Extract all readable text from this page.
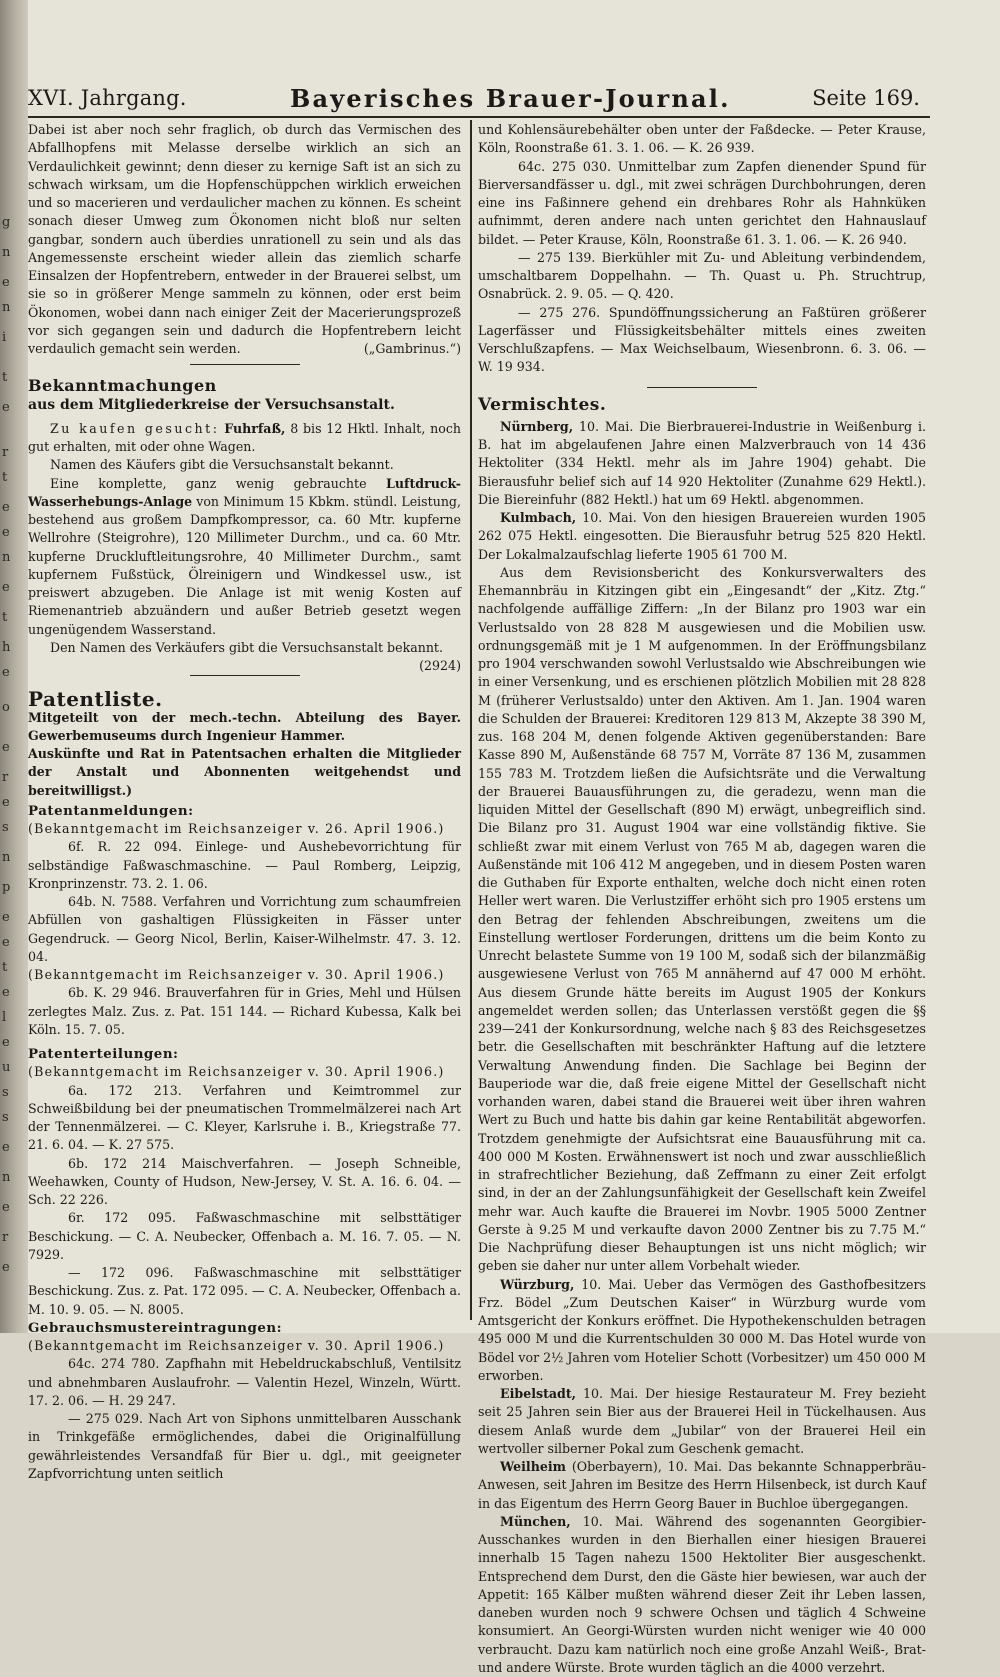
g
n
e
n
i
t
e
r
t
e
e
n
e
t
h
e
o
e
r
e
s
n
p
e
e
t
e
l
e
u
s
s
e
n
e
r
e
XVI. Jahrgang.	Bayerisches Brauer-Journal.	Seite 169.

Dabei ist aber noch sehr fraglich, ob durch das Vermischen des Abfallhopfens mit Melasse derselbe wirklich an sich an Verdaulichkeit gewinnt; denn dieser zu kernige Saft ist an sich zu schwach wirksam, um die Hopfenschüppchen wirklich erweichen und so macerieren und verdaulicher machen zu können. Es scheint sonach dieser Umweg zum Ökonomen nicht bloß nur selten gangbar, sondern auch überdies unrationell zu sein und als das Angemessenste erscheint wieder allein das ziemlich scharfe Einsalzen der Hopfentrebern, entweder in der Brauerei selbst, um sie so in größerer Menge sammeln zu können, oder erst beim Ökonomen, wobei dann nach einiger Zeit der Macerierungsprozeß vor sich gegangen sein und dadurch die Hopfentrebern leicht verdaulich gemacht sein werden.	(„Gambrinus.“)

Bekanntmachungen

aus dem Mitgliederkreise der Versuchsanstalt.

Zu kaufen gesucht: Fuhrfaß, 8 bis 12 Hktl. Inhalt, noch gut erhalten, mit oder ohne Wagen.

Namen des Käufers gibt die Versuchsanstalt bekannt.

Eine komplette, ganz wenig gebrauchte Luftdruck-Wasserhebungs-Anlage von Minimum 15 Kbkm. stündl. Leistung, bestehend aus großem Dampfkompressor, ca. 60 Mtr. kupferne Wellrohre (Steigrohre), 120 Millimeter Durchm., und ca. 60 Mtr. kupferne Druckluftleitungsrohre, 40 Millimeter Durchm., samt kupfernem Fußstück, Ölreinigern und Windkessel usw., ist preiswert abzugeben. Die Anlage ist mit wenig Kosten auf Riemenantrieb abzuändern und außer Betrieb gesetzt wegen ungenügendem Wasserstand.

Den Namen des Verkäufers gibt die Versuchsanstalt bekannt.
(2924)

Patentliste.

Mitgeteilt von der mech.-techn. Abteilung des Bayer. Gewerbemuseums durch Ingenieur Hammer.

Auskünfte und Rat in Patentsachen erhalten die Mitglieder der Anstalt und Abonnenten weitgehendst und bereitwilligst.)

Patentanmeldungen:

(Bekanntgemacht im Reichsanzeiger v. 26. April 1906.)

6f. R. 22 094. Einlege- und Aushebevorrichtung für selbständige Faßwaschmaschine. — Paul Romberg, Leipzig, Kronprinzenstr. 73. 2. 1. 06.

64b. N. 7588. Verfahren und Vorrichtung zum schaumfreien Abfüllen von gashaltigen Flüssigkeiten in Fässer unter Gegendruck. — Georg Nicol, Berlin, Kaiser-Wilhelmstr. 47. 3. 12. 04.

(Bekanntgemacht im Reichsanzeiger v. 30. April 1906.)

6b. K. 29 946. Brauverfahren für in Gries, Mehl und Hülsen zerlegtes Malz. Zus. z. Pat. 151 144. — Richard Kubessa, Kalk bei Köln. 15. 7. 05.

Patenterteilungen:

(Bekanntgemacht im Reichsanzeiger v. 30. April 1906.)

6a. 172 213. Verfahren und Keimtrommel zur Schweißbildung bei der pneumatischen Trommelmälzerei nach Art der Tennenmälzerei. — C. Kleyer, Karlsruhe i. B., Kriegstraße 77. 21. 6. 04. — K. 27 575.

6b. 172 214 Maischverfahren. — Joseph Schneible, Weehawken, County of Hudson, New-Jersey, V. St. A. 16. 6. 04. — Sch. 22 226.

6r. 172 095. Faßwaschmaschine mit selbsttätiger Beschickung. — C. A. Neubecker, Offenbach a. M. 16. 7. 05. — N. 7929.

— 172 096. Faßwaschmaschine mit selbsttätiger Beschickung. Zus. z. Pat. 172 095. — C. A. Neubecker, Offenbach a. M. 10. 9. 05. — N. 8005.

Gebrauchsmustereintragungen:

(Bekanntgemacht im Reichsanzeiger v. 30. April 1906.)

64c. 274 780. Zapfhahn mit Hebeldruckabschluß, Ventilsitz und abnehmbaren Auslaufrohr. — Valentin Hezel, Winzeln, Württ. 17. 2. 06. — H. 29 247.

— 275 029. Nach Art von Siphons unmittelbaren Ausschank in Trinkgefäße ermöglichendes, dabei die Originalfüllung gewährleistendes Versandfaß für Bier u. dgl., mit geeigneter Zapfvorrichtung unten seitlich

und Kohlensäurebehälter oben unter der Faßdecke. — Peter Krause, Köln, Roonstraße 61. 3. 1. 06. — K. 26 939.

64c. 275 030. Unmittelbar zum Zapfen dienender Spund für Bierversandfässer u. dgl., mit zwei schrägen Durchbohrungen, deren eine ins Faßinnere gehend ein drehbares Rohr als Hahnküken aufnimmt, deren andere nach unten gerichtet den Hahnauslauf bildet. — Peter Krause, Köln, Roonstraße 61. 3. 1. 06. — K. 26 940.

— 275 139. Bierkühler mit Zu- und Ableitung verbindendem, umschaltbarem Doppelhahn. — Th. Quast u. Ph. Struchtrup, Osnabrück. 2. 9. 05. — Q. 420.

— 275 276. Spundöffnungssicherung an Faßtüren größerer Lagerfässer und Flüssigkeitsbehälter mittels eines zweiten Verschlußzapfens. — Max Weichselbaum, Wiesenbronn. 6. 3. 06. — W. 19 934.

Vermischtes.

Nürnberg, 10. Mai. Die Bierbrauerei-Industrie in Weißenburg i. B. hat im abgelaufenen Jahre einen Malzverbrauch von 14 436 Hektoliter (334 Hektl. mehr als im Jahre 1904) gehabt. Die Bierausfuhr belief sich auf 14 920 Hektoliter (Zunahme 629 Hektl.). Die Biereinfuhr (882 Hektl.) hat um 69 Hektl. abgenommen.

Kulmbach, 10. Mai. Von den hiesigen Brauereien wurden 1905 262 075 Hektl. eingesotten. Die Bierausfuhr betrug 525 820 Hektl. Der Lokalmalzaufschlag lieferte 1905 61 700 M.

Aus dem Revisionsbericht des Konkursverwalters des Ehemannbräu in Kitzingen gibt ein „Eingesandt“ der „Kitz. Ztg.“ nachfolgende auffällige Ziffern: „In der Bilanz pro 1903 war ein Verlustsaldo von 28 828 M ausgewiesen und die Mobilien usw. ordnungsgemäß mit je 1 M aufgenommen. In der Eröffnungsbilanz pro 1904 verschwanden sowohl Verlustsaldo wie Abschreibungen wie in einer Versenkung, und es erschienen plötzlich Mobilien mit 28 828 M (früherer Verlustsaldo) unter den Aktiven. Am 1. Jan. 1904 waren die Schulden der Brauerei: Kreditoren 129 813 M, Akzepte 38 390 M, zus. 168 204 M, denen folgende Aktiven gegenüberstanden: Bare Kasse 890 M, Außenstände 68 757 M, Vorräte 87 136 M, zusammen 155 783 M. Trotzdem ließen die Aufsichtsräte und die Verwaltung der Brauerei Bauausführungen zu, die geradezu, wenn man die liquiden Mittel der Gesellschaft (890 M) erwägt, unbegreiflich sind. Die Bilanz pro 31. August 1904 war eine vollständig fiktive. Sie schließt zwar mit einem Verlust von 765 M ab, dagegen waren die Außenstände mit 106 412 M angegeben, und in diesem Posten waren die Guthaben für Exporte enthalten, welche doch nicht einen roten Heller wert waren. Die Verlustziffer erhöht sich pro 1905 erstens um den Betrag der fehlenden Abschreibungen, zweitens um die Einstellung wertloser Forderungen, drittens um die beim Konto zu Unrecht belastete Summe von 19 100 M, sodaß sich der bilanzmäßig ausgewiesene Verlust von 765 M annähernd auf 47 000 M erhöht. Aus diesem Grunde hätte bereits im August 1905 der Konkurs angemeldet werden sollen; das Unterlassen verstößt gegen die §§ 239—241 der Konkursordnung, welche nach § 83 des Reichsgesetzes betr. die Gesellschaften mit beschränkter Haftung auf die letztere Verwaltung Anwendung finden. Die Sachlage bei Beginn der Bauperiode war die, daß freie eigene Mittel der Gesellschaft nicht vorhanden waren, dabei stand die Brauerei weit über ihren wahren Wert zu Buch und hatte bis dahin gar keine Rentabilität abgeworfen. Trotzdem genehmigte der Aufsichtsrat eine Bauausführung mit ca. 400 000 M Kosten. Erwähnenswert ist noch und zwar ausschließlich in strafrechtlicher Beziehung, daß Zeffmann zu einer Zeit erfolgt sind, in der an der Zahlungsunfähigkeit der Gesellschaft kein Zweifel mehr war. Auch kaufte die Brauerei im Novbr. 1905 5000 Zentner Gerste à 9.25 M und verkaufte davon 2000 Zentner bis zu 7.75 M.“ Die Nachprüfung dieser Behauptungen ist uns nicht möglich; wir geben sie daher nur unter allem Vorbehalt wieder.

Würzburg, 10. Mai. Ueber das Vermögen des Gasthofbesitzers Frz. Bödel „Zum Deutschen Kaiser“ in Würzburg wurde vom Amtsgericht der Konkurs eröffnet. Die Hypothekenschulden betragen 495 000 M und die Kurrentschulden 30 000 M. Das Hotel wurde von Bödel vor 2½ Jahren vom Hotelier Schott (Vorbesitzer) um 450 000 M erworben.

Eibelstadt, 10. Mai. Der hiesige Restaurateur M. Frey bezieht seit 25 Jahren sein Bier aus der Brauerei Heil in Tückelhausen. Aus diesem Anlaß wurde dem „Jubilar“ von der Brauerei Heil ein wertvoller silberner Pokal zum Geschenk gemacht.

Weilheim (Oberbayern), 10. Mai. Das bekannte Schnapperbräu-Anwesen, seit Jahren im Besitze des Herrn Hilsenbeck, ist durch Kauf in das Eigentum des Herrn Georg Bauer in Buchloe übergegangen.

München, 10. Mai. Während des sogenannten Georgibier-Ausschankes wurden in den Bierhallen einer hiesigen Brauerei innerhalb 15 Tagen nahezu 1500 Hektoliter Bier ausgeschenkt. Entsprechend dem Durst, den die Gäste hier bewiesen, war auch der Appetit: 165 Kälber mußten während dieser Zeit ihr Leben lassen, daneben wurden noch 9 schwere Ochsen und täglich 4 Schweine konsumiert. An Georgi-Würsten wurden nicht weniger wie 40 000 verbraucht. Dazu kam natürlich noch eine große Anzahl Weiß-, Brat- und andere Würste. Brote wurden täglich an die 4000 verzehrt.
